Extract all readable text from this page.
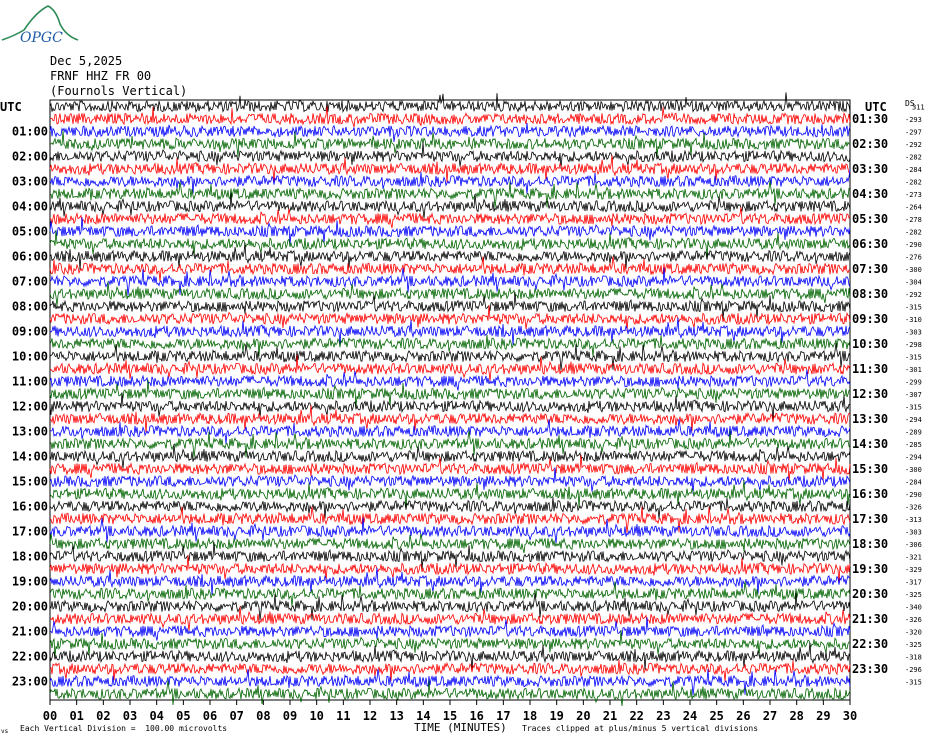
OPGC
Dec 5,2025
FRNF HHZ FR 00
(Fournols Vertical)
UTC	UTC DS
00 01 02 03 04 05 06 07 08 09 10 11 12 13 14 15 16 17 18 19 20 21 22 23 24 25 26 27 28 29 30
01:00
02:00
03:00
04:00
05:00
06:00
07:00
08:00
09:00
10:00
11:00
12:00
13:00
14:00
15:00
16:00
17:00
18:00
19:00
20:00
21:00
22:00
23:00
01:30
02:30
03:30
04:30
05:30
06:30
07:30
08:30
09:30
10:30
11:30
12:30
13:30
14:30
15:30
16:30
17:30
18:30
19:30
20:30
21:30
22:30
23:30
311
-293
-297
-292
-282
-284
-282
-273
-264
-278
-282
-290
-276
-300
-304
-292
-315
-310
-303
-298
-315
-301
-299
-307
-315
-294
-289
-285
-294
-300
-284
-290
-326
-313
-303
-306
-321
-329
-317
-325
-340
-326
-320
-325
-318
-296
-315
vs Each Vertical Division =  100.00 microvolts	TIME (MINUTES) Traces clipped at plus/minus 5 vertical divisions
